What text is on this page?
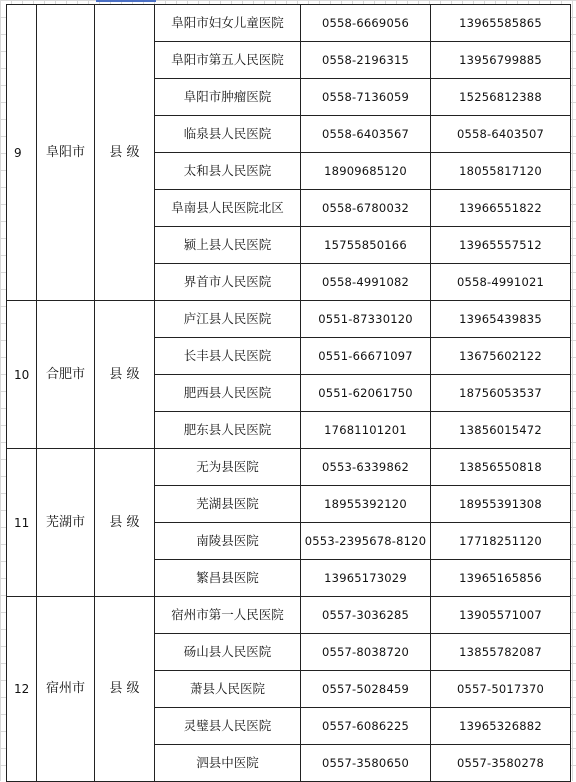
9	阜阳市	县 级	阜阳市妇女儿童医院	0558-6669056	13965585865
			阜阳市第五人民医院	0558-2196315	13956799885
			阜阳市肿瘤医院	0558-7136059	15256812388
			临泉县人民医院	0558-6403567	0558-6403507
			太和县人民医院	18909685120	18055817120
			阜南县人民医院北区	0558-6780032	13966551822
			颍上县人民医院	15755850166	13965557512
			界首市人民医院	0558-4991082	0558-4991021
10	合肥市	县 级	庐江县人民医院	0551-87330120	13965439835
			长丰县人民医院	0551-66671097	13675602122
			肥西县人民医院	0551-62061750	18756053537
			肥东县人民医院	17681101201	13856015472
11	芜湖市	县 级	无为县医院	0553-6339862	13856550818
			芜湖县医院	18955392120	18955391308
			南陵县医院	0553-2395678-8120	17718251120
			繁昌县医院	13965173029	13965165856
12	宿州市	县 级	宿州市第一人民医院	0557-3036285	13905571007
			砀山县人民医院	0557-8038720	13855782087
			萧县人民医院	0557-5028459	0557-5017370
			灵璧县人民医院	0557-6086225	13965326882
			泗县中医院	0557-3580650	0557-3580278
